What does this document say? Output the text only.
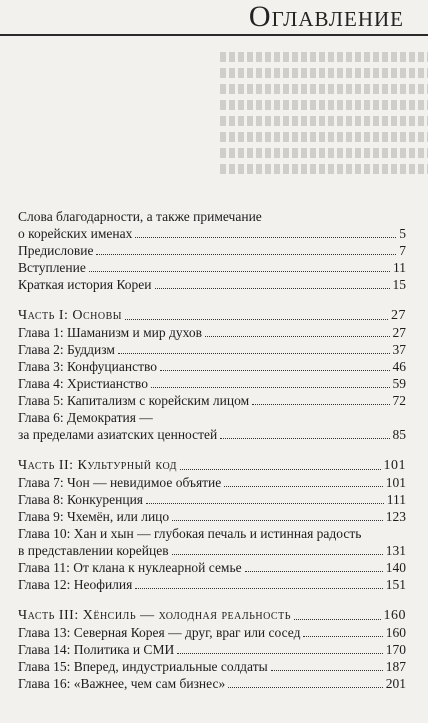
Оглавление
Слова благодарности, а также примечание
о корейских именах	5
Предисловие	7
Вступление	11
Краткая история Кореи	15
Часть I: Основы	27
Глава 1: Шаманизм и мир духов	27
Глава 2: Буддизм	37
Глава 3: Конфуцианство	46
Глава 4: Христианство	59
Глава 5: Капитализм с корейским лицом	72
Глава 6: Демократия —
за пределами азиатских ценностей	85
Часть II: Культурный код	101
Глава 7: Чон — невидимое объятие	101
Глава 8: Конкуренция	111
Глава 9: Чхемён, или лицо	123
Глава 10: Хан и хын — глубокая печаль и истинная радость
в представлении корейцев	131
Глава 11: От клана к нуклеарной семье	140
Глава 12: Неофилия	151
Часть III: Хёнсиль — холодная реальность	160
Глава 13: Северная Корея — друг, враг или сосед	160
Глава 14: Политика и СМИ	170
Глава 15: Вперед, индустриальные солдаты	187
Глава 16: «Важнее, чем сам бизнес»	201
